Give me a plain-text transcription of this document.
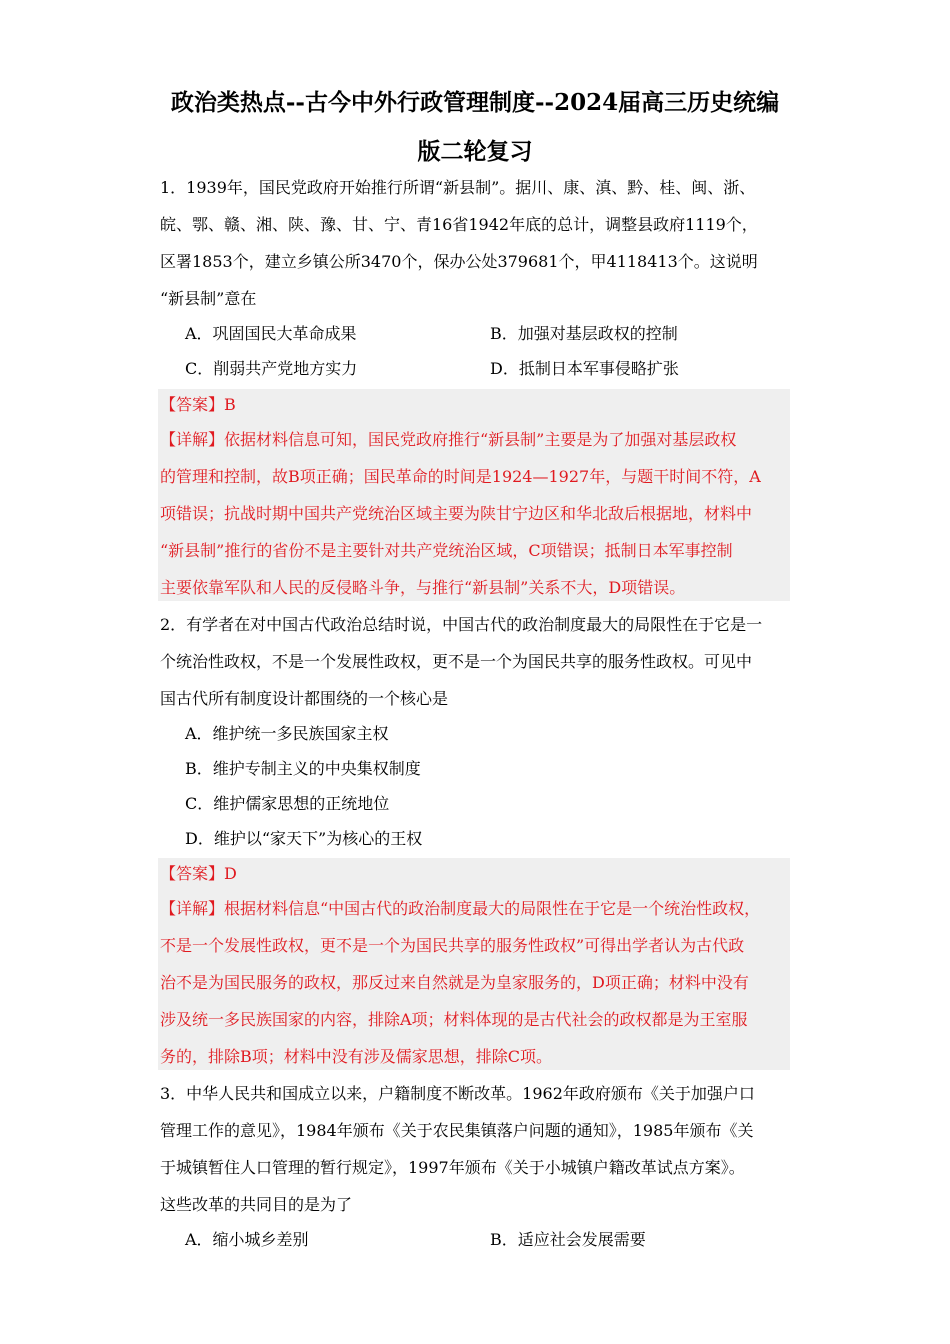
政治类热点--古今中外行政管理制度--2024届高三历史统编
版二轮复习
1．1939年，国民党政府开始推行所谓“新县制”。据川、康、滇、黔、桂、闽、浙、
皖、鄂、赣、湘、陕、豫、甘、宁、青16省1942年底的总计，调整县政府1119个，
区署1853个，建立乡镇公所3470个，保办公处379681个，甲4118413个。这说明
“新县制”意在
A．巩固国民大革命成果	B．加强对基层政权的控制
C．削弱共产党地方实力	D．抵制日本军事侵略扩张
【答案】B
【详解】依据材料信息可知，国民党政府推行“新县制”主要是为了加强对基层政权
的管理和控制，故B项正确；国民革命的时间是1924—1927年，与题干时间不符，A
项错误；抗战时期中国共产党统治区域主要为陕甘宁边区和华北敌后根据地，材料中
“新县制”推行的省份不是主要针对共产党统治区域，C项错误；抵制日本军事控制
主要依靠军队和人民的反侵略斗争，与推行“新县制”关系不大，D项错误。
2．有学者在对中国古代政治总结时说，中国古代的政治制度最大的局限性在于它是一
个统治性政权，不是一个发展性政权，更不是一个为国民共享的服务性政权。可见中
国古代所有制度设计都围绕的一个核心是
A．维护统一多民族国家主权
B．维护专制主义的中央集权制度
C．维护儒家思想的正统地位
D．维护以“家天下”为核心的王权
【答案】D
【详解】根据材料信息“中国古代的政治制度最大的局限性在于它是一个统治性政权，
不是一个发展性政权，更不是一个为国民共享的服务性政权”可得出学者认为古代政
治不是为国民服务的政权，那反过来自然就是为皇家服务的，D项正确；材料中没有
涉及统一多民族国家的内容，排除A项；材料体现的是古代社会的政权都是为王室服
务的，排除B项；材料中没有涉及儒家思想，排除C项。
3．中华人民共和国成立以来，户籍制度不断改革。1962年政府颁布《关于加强户口
管理工作的意见》，1984年颁布《关于农民集镇落户问题的通知》，1985年颁布《关
于城镇暂住人口管理的暂行规定》，1997年颁布《关于小城镇户籍改革试点方案》。
这些改革的共同目的是为了
A．缩小城乡差别	B．适应社会发展需要
